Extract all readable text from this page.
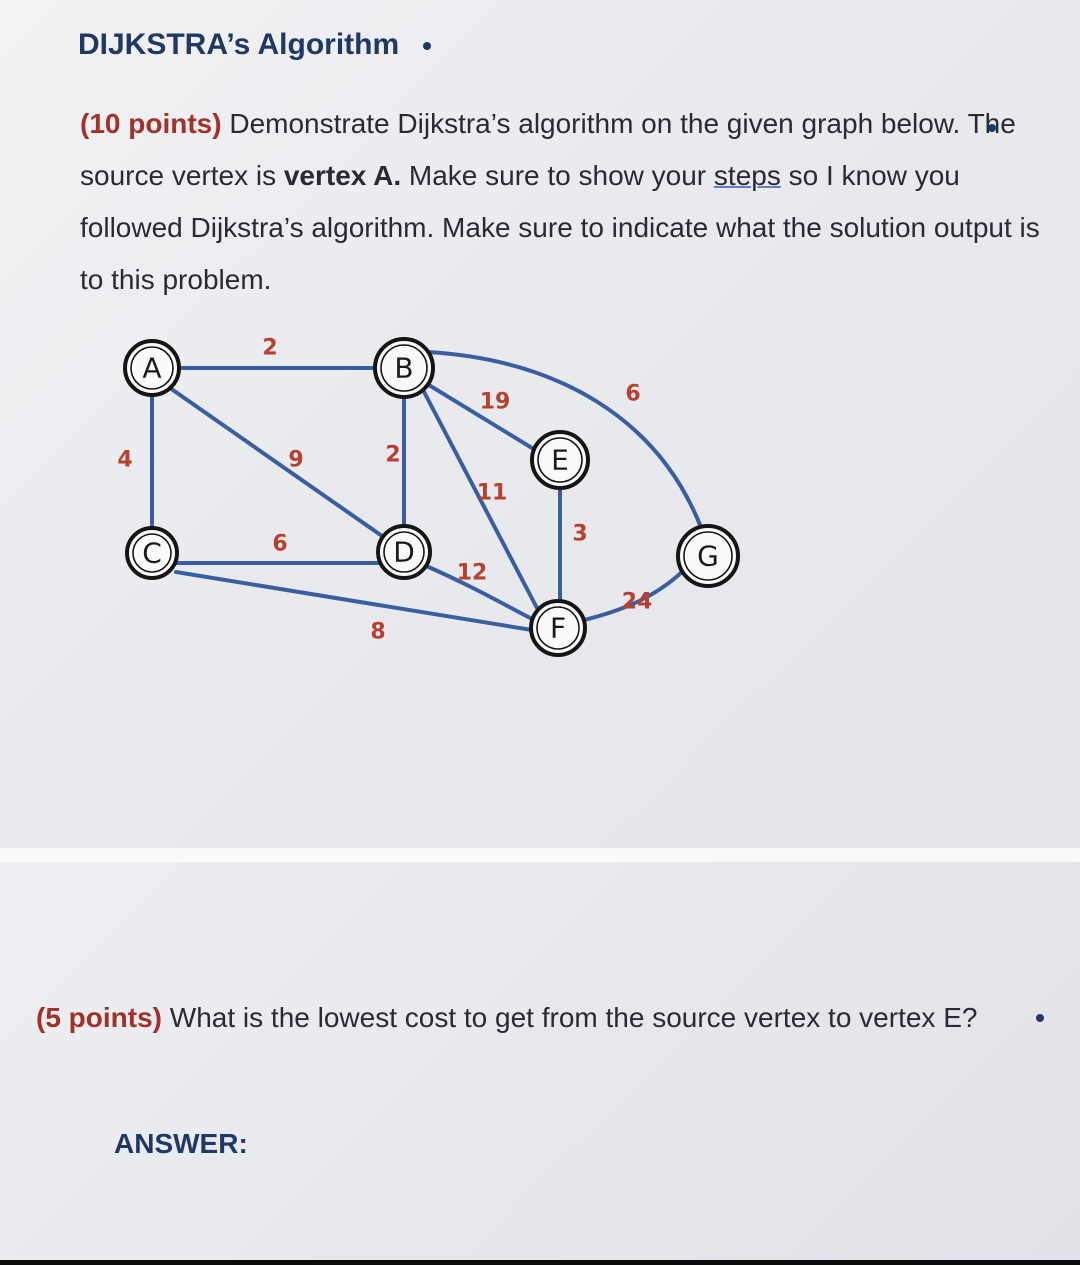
DIJKSTRA’s Algorithm
(10 points) Demonstrate Dijkstra’s algorithm on the given graph below. The source vertex is vertex A. Make sure to show your steps so I know you followed Dijkstra’s algorithm. Make sure to indicate what the solution output is to this problem.
2
4	9	2
19
11
6
6
8
12
3
24
A	B
C	D
E
F
G
(5 points) What is the lowest cost to get from the source vertex to vertex E?
ANSWER:
